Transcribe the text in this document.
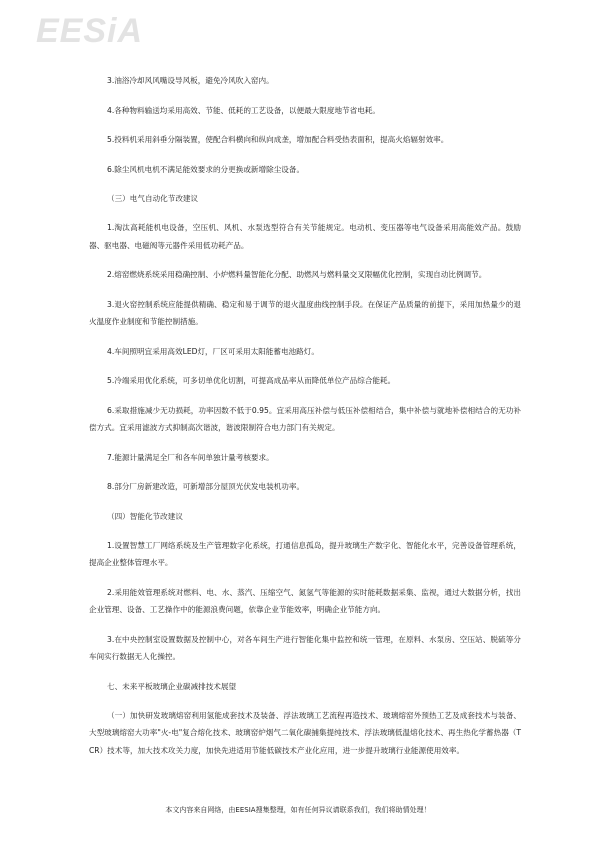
EESiA

3.油浴冷却风风嘴设导风板，避免冷风吹入窑内。

4.各种物料输送均采用高效、节能、低耗的工艺设备，以便最大限度地节省电耗。

5.投料机采用斜垂分隔装置，使配合料横向和纵向成垄，增加配合料受热表面积，提高火焰辐射效率。

6.除尘风机电机不满足能效要求的分更换或新增除尘设备。

（三）电气自动化节改建议

1.淘汰高耗能机电设备，空压机、风机、水泵选型符合有关节能规定。电动机、变压器等电气设备采用高能效产品。鼓励器、驱电器、电磁阀等元器件采用低功耗产品。

2.熔窑燃烧系统采用稳确控制、小炉燃料量智能化分配、助燃风与燃料量交叉限幅优化控制，实现自动比例调节。

3.退火窑控制系统应能提供精确、稳定和易于调节的退火温度曲线控制手段。在保证产品质量的前提下，采用加热量少的退火温度作业制度和节能控制措施。

4.车间照明宜采用高效LED灯，厂区可采用太阳能蓄电池路灯。

5.冷端采用优化系统，可多切单优化切割，可提高成品率从而降低单位产品综合能耗。

6.采取措施减少无功损耗，功率因数不低于0.95。宜采用高压补偿与低压补偿相结合，集中补偿与就地补偿相结合的无功补偿方式。宜采用滤波方式抑制高次谐波，谐波限制符合电力部门有关规定。

7.能源计量满足全厂和各车间单独计量考核要求。

8.部分厂房新建改造，可新增部分屋顶光伏发电装机功率。

（四）智能化节改建议

1.设置智慧工厂网络系统及生产管理数字化系统，打通信息孤岛，提升玻璃生产数字化、智能化水平，完善设备管理系统，提高企业整体管理水平。

2.采用能效管理系统对燃料、电、水、蒸汽、压缩空气、氮氢气等能源的实时能耗数据采集、监视，通过大数据分析，找出企业管理、设备、工艺操作中的能源浪费问题，依靠企业节能效率，明确企业节能方向。

3.在中央控制室设置数据及控制中心，对各车间生产进行智能化集中监控和统一管理，在原料、水泵房、空压站、脱硫等分车间实行数据无人化操控。

七、未来平板玻璃企业碳减排技术展望

（一）加快研发玻璃熔窑利用氢能成套技术及装备、浮法玻璃工艺流程再造技术、玻璃熔窑外预热工艺及成套技术与装备、大型玻璃熔窑大功率"火-电"复合熔化技术、玻璃窑炉烟气二氧化碳捕集提纯技术、浮法玻璃低温熔化技术、再生热化学蓄热器（TCR）技术等，加大技术攻关力度，加快先进适用节能低碳技术产业化应用，进一步提升玻璃行业能源使用效率。

本文内容来自网络，由EESIA搜集整理，如有任何异议请联系我们，我们将助情处理！
